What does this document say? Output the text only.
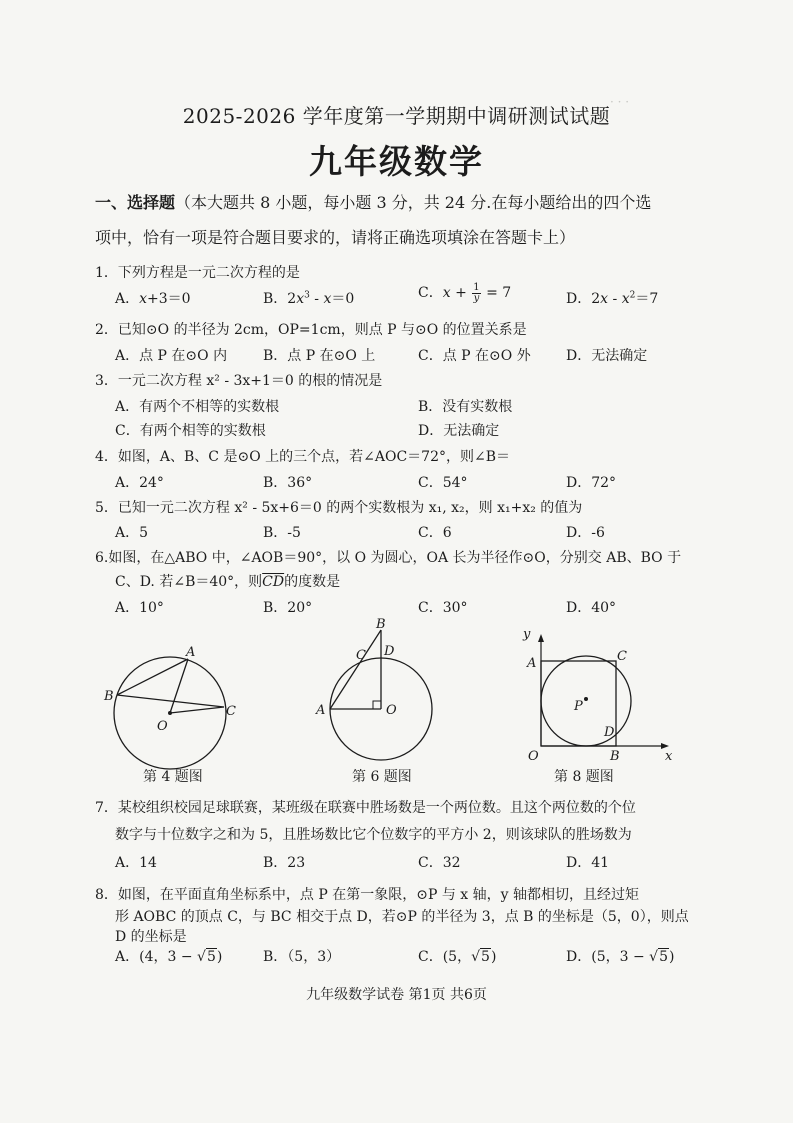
· · ·
2025-2026 学年度第一学期期中调研测试试题
九年级数学
一、选择题（本大题共 8 小题，每小题 3 分，共 24 分.在每小题给出的四个选
项中，恰有一项是符合题目要求的，请将正确选项填涂在答题卡上）
1．下列方程是一元二次方程的是
A．x+3＝0	B．$2x^3 - x=0$	C．$x + \frac{1}{y} = 7$	D．$2x - x^2=7$
2．已知⊙O 的半径为 2cm，OP=1cm，则点 P 与⊙O 的位置关系是
A．点 P 在⊙O 内	B．点 P 在⊙O 上	C．点 P 在⊙O 外	D．无法确定
3．一元二次方程 x² - 3x+1＝0 的根的情况是
A．有两个不相等的实数根	B．没有实数根
C．有两个相等的实数根	D．无法确定
4．如图，A、B、C 是⊙O 上的三个点，若∠AOC＝72°，则∠B＝
A．24°	B．36°	C．54°	D．72°
5．已知一元二次方程 x² - 5x+6＝0 的两个实数根为 x₁, x₂，则 x₁+x₂ 的值为
A．5	B．-5	C．6	D．-6
6.如图，在△ABO 中，∠AOB＝90°，以 O 为圆心，OA 长为半径作⊙O，分别交 AB、BO 于
C、D. 若∠B＝40°，则$\overline{CD}$的度数是
A．10°	B．20°	C．30°	D．40°
A
B
C
O
第 4 题图
B
C D
A	O
第 6 题图
y
x
A	C
P
D
O	B
第 8 题图
7．某校组织校园足球联赛，某班级在联赛中胜场数是一个两位数。且这个两位数的个位
数字与十位数字之和为 5，且胜场数比它个位数字的平方小 2，则该球队的胜场数为
A．14	B．23	C．32	D．41
8．如图，在平面直角坐标系中，点 P 在第一象限，⊙P 与 x 轴，y 轴都相切，且经过矩
形 AOBC 的顶点 C，与 BC 相交于点 D，若⊙P 的半径为 3，点 B 的坐标是（5，0），则点
D 的坐标是
A．(4，3 − √5)	B．（5，3）	C．(5，√5)	D．(5，3 − √5)
九年级数学试卷 第1页 共6页
